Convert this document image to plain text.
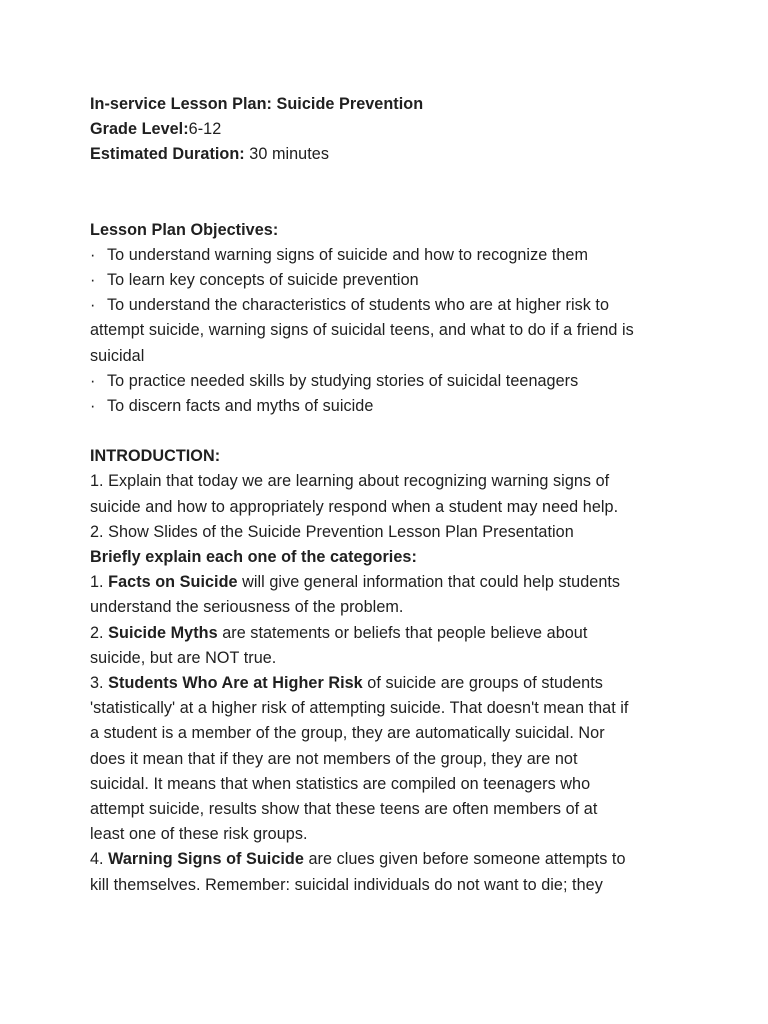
In-service Lesson Plan: Suicide Prevention
Grade Level:6-12
Estimated Duration: 30 minutes
Lesson Plan Objectives:
· To understand warning signs of suicide and how to recognize them
· To learn key concepts of suicide prevention
· To understand the characteristics of students who are at higher risk to
attempt suicide, warning signs of suicidal teens, and what to do if a friend is
suicidal
· To practice needed skills by studying stories of suicidal teenagers
· To discern facts and myths of suicide
INTRODUCTION:
1. Explain that today we are learning about recognizing warning signs of
suicide and how to appropriately respond when a student may need help.
2. Show Slides of the Suicide Prevention Lesson Plan Presentation
Briefly explain each one of the categories:
1. Facts on Suicide will give general information that could help students
understand the seriousness of the problem.
2. Suicide Myths are statements or beliefs that people believe about
suicide, but are NOT true.
3. Students Who Are at Higher Risk of suicide are groups of students
'statistically' at a higher risk of attempting suicide. That doesn't mean that if
a student is a member of the group, they are automatically suicidal. Nor
does it mean that if they are not members of the group, they are not
suicidal. It means that when statistics are compiled on teenagers who
attempt suicide, results show that these teens are often members of at
least one of these risk groups.
4. Warning Signs of Suicide are clues given before someone attempts to
kill themselves. Remember: suicidal individuals do not want to die; they
